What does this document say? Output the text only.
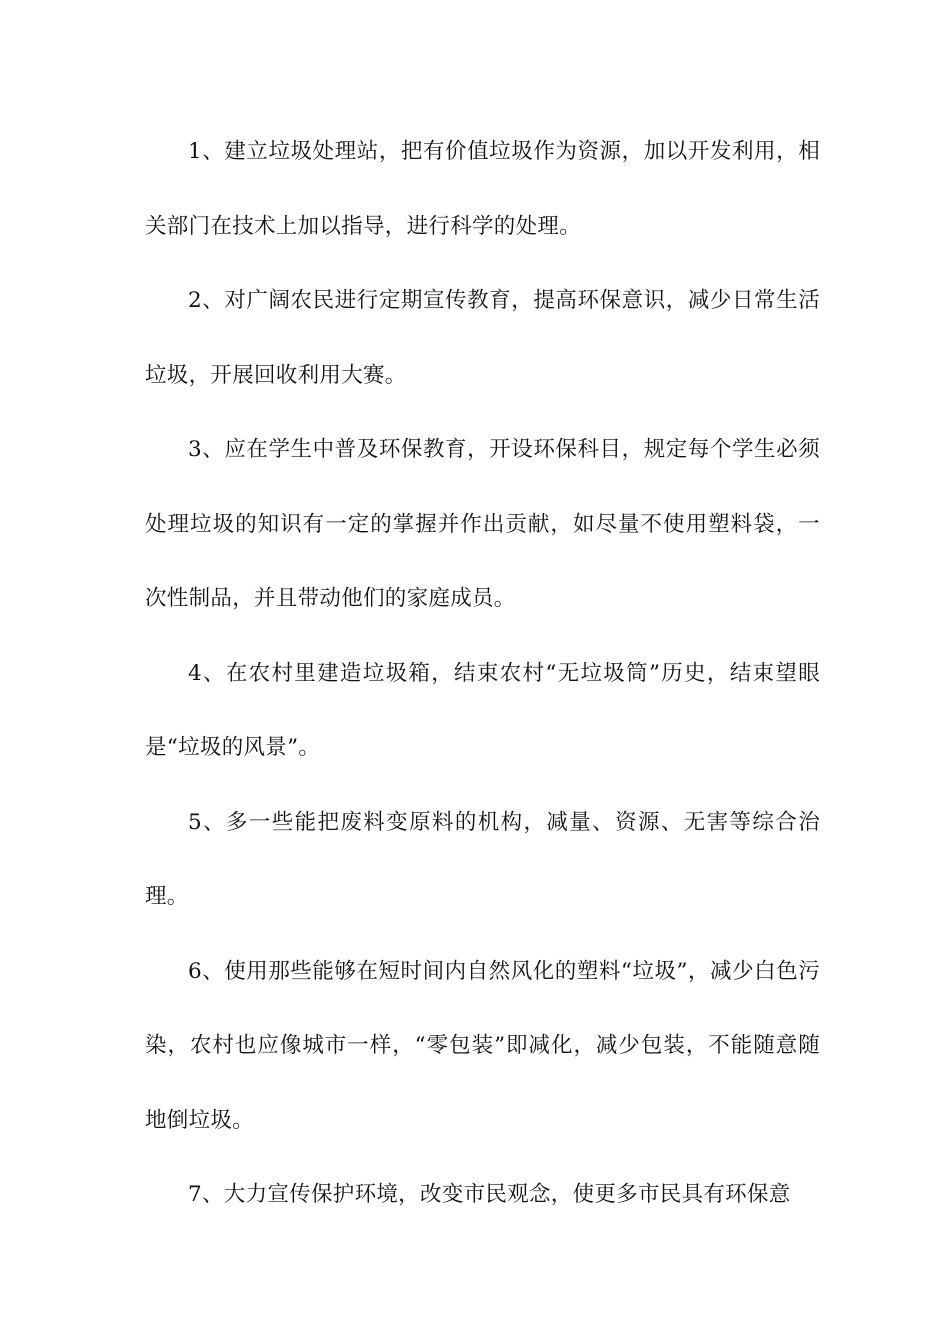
1、建立垃圾处理站，把有价值垃圾作为资源，加以开发利用，相关部门在技术上加以指导，进行科学的处理。

2、对广阔农民进行定期宣传教育，提高环保意识，减少日常生活垃圾，开展回收利用大赛。

3、应在学生中普及环保教育，开设环保科目，规定每个学生必须处理垃圾的知识有一定的掌握并作出贡献，如尽量不使用塑料袋，一次性制品，并且带动他们的家庭成员。

4、在农村里建造垃圾箱，结束农村“无垃圾筒”历史，结束望眼是“垃圾的风景”。

5、多一些能把废料变原料的机构，减量、资源、无害等综合治理。

6、使用那些能够在短时间内自然风化的塑料“垃圾”，减少白色污染，农村也应像城市一样，“零包装”即减化，减少包装，不能随意随地倒垃圾。

7、大力宣传保护环境，改变市民观念，使更多市民具有环保意
